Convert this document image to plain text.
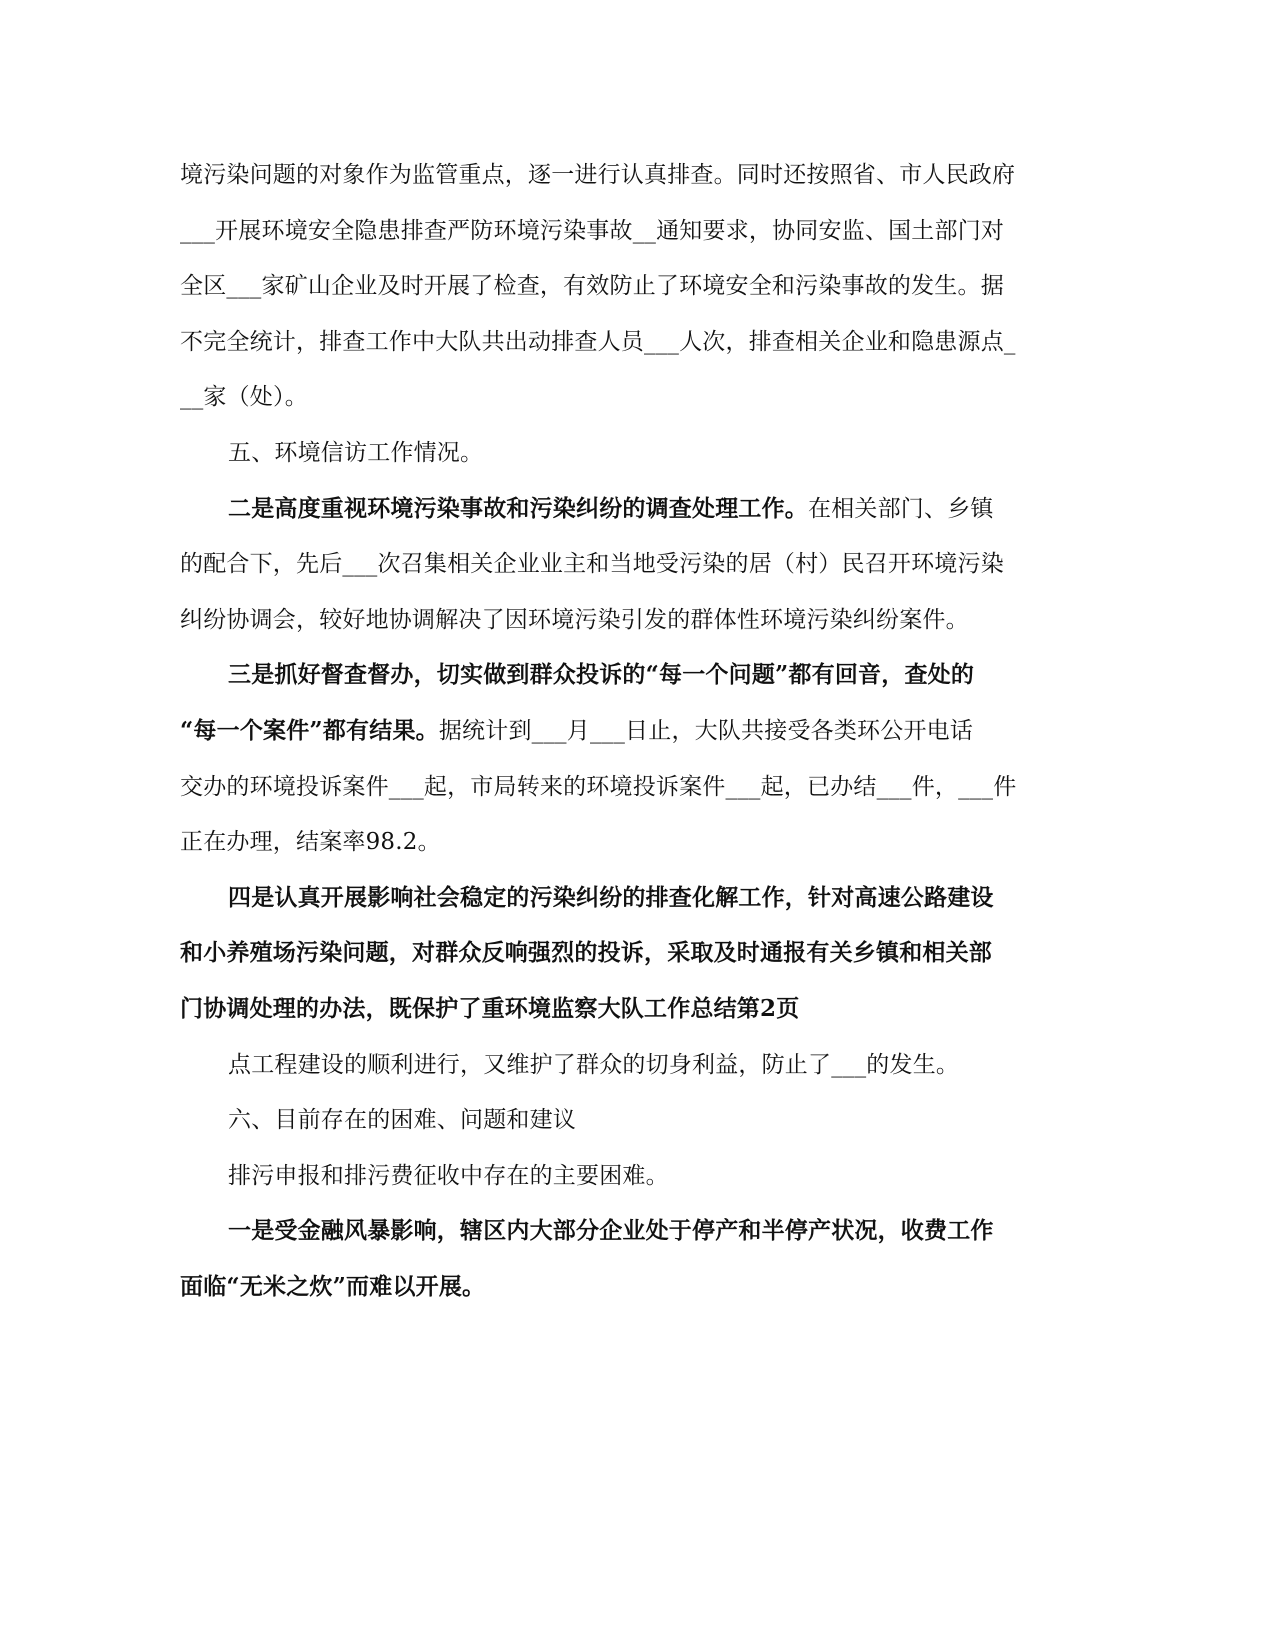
境污染问题的对象作为监管重点，逐一进行认真排查。同时还按照省、市人民政府
___开展环境安全隐患排查严防环境污染事故__通知要求，协同安监、国土部门对
全区___家矿山企业及时开展了检查，有效防止了环境安全和污染事故的发生。据
不完全统计，排查工作中大队共出动排查人员___人次，排查相关企业和隐患源点_
__家（处）。
五、环境信访工作情况。
二是高度重视环境污染事故和污染纠纷的调查处理工作。在相关部门、乡镇
的配合下，先后___次召集相关企业业主和当地受污染的居（村）民召开环境污染
纠纷协调会，较好地协调解决了因环境污染引发的群体性环境污染纠纷案件。
三是抓好督查督办，切实做到群众投诉的“每一个问题”都有回音，查处的
“每一个案件”都有结果。据统计到___月___日止，大队共接受各类环公开电话
交办的环境投诉案件___起，市局转来的环境投诉案件___起，已办结___件，___件
正在办理，结案率98.2。
四是认真开展影响社会稳定的污染纠纷的排查化解工作，针对高速公路建设
和小养殖场污染问题，对群众反响强烈的投诉，采取及时通报有关乡镇和相关部
门协调处理的办法，既保护了重环境监察大队工作总结第2页
点工程建设的顺利进行，又维护了群众的切身利益，防止了___的发生。
六、目前存在的困难、问题和建议
排污申报和排污费征收中存在的主要困难。
一是受金融风暴影响，辖区内大部分企业处于停产和半停产状况，收费工作
面临“无米之炊”而难以开展。
